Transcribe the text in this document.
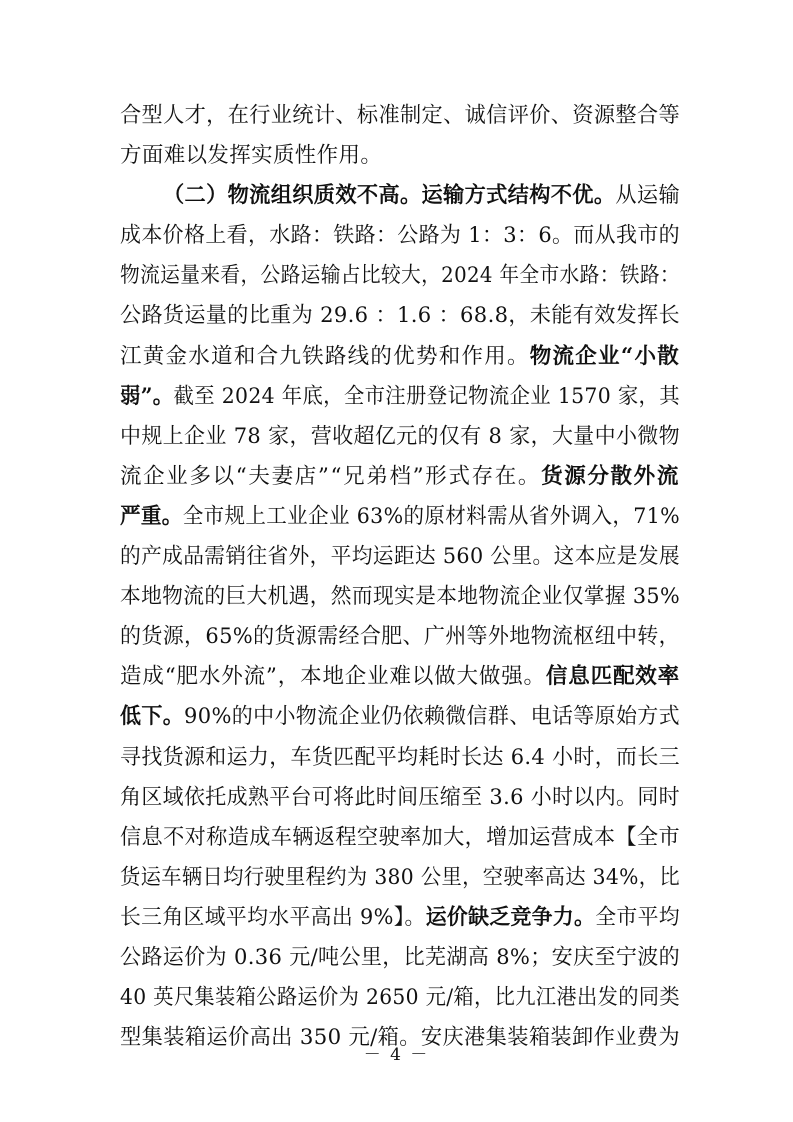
合型人才，在行业统计、标准制定、诚信评价、资源整合等
方面难以发挥实质性作用。
（二）物流组织质效不高。运输方式结构不优。从运输
成本价格上看，水路：铁路：公路为 1：3：6。而从我市的
物流运量来看，公路运输占比较大，2024 年全市水路：铁路：
公路货运量的比重为 29.6 ：1.6 ：68.8，未能有效发挥长
江黄金水道和合九铁路线的优势和作用。物流企业“小散
弱”。截至 2024 年底，全市注册登记物流企业 1570 家，其
中规上企业 78 家，营收超亿元的仅有 8 家，大量中小微物
流企业多以“夫妻店”“兄弟档”形式存在。货源分散外流
严重。全市规上工业企业 63%的原材料需从省外调入，71%
的产成品需销往省外，平均运距达 560 公里。这本应是发展
本地物流的巨大机遇，然而现实是本地物流企业仅掌握 35%
的货源，65%的货源需经合肥、广州等外地物流枢纽中转，
造成“肥水外流”，本地企业难以做大做强。信息匹配效率
低下。90%的中小物流企业仍依赖微信群、电话等原始方式
寻找货源和运力，车货匹配平均耗时长达 6.4 小时，而长三
角区域依托成熟平台可将此时间压缩至 3.6 小时以内。同时
信息不对称造成车辆返程空驶率加大，增加运营成本【全市
货运车辆日均行驶里程约为 380 公里，空驶率高达 34%，比
长三角区域平均水平高出 9%】。运价缺乏竞争力。全市平均
公路运价为 0.36 元/吨公里，比芜湖高 8%；安庆至宁波的
40 英尺集装箱公路运价为 2650 元/箱，比九江港出发的同类
型集装箱运价高出 350 元/箱。安庆港集装箱装卸作业费为
－ 4 －
